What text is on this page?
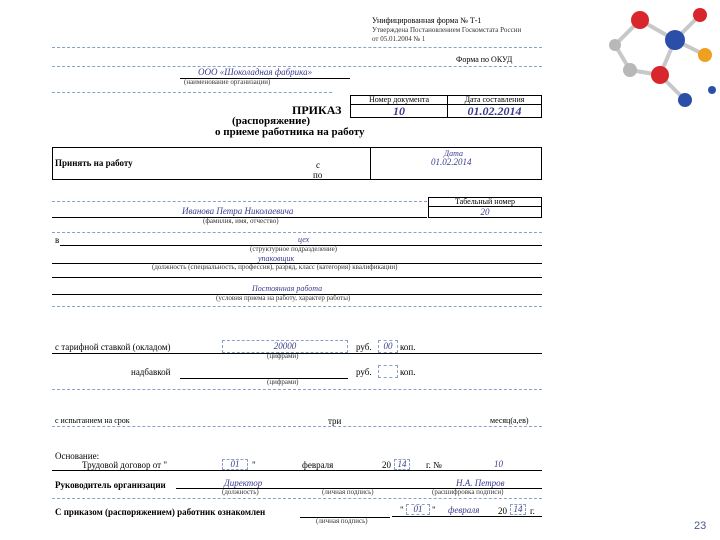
Унифицированная форма № Т-1
Утверждена Постановлением Госкомстата России
от 05.01.2004 № 1
Форма по ОКУД
ООО «Шоколадная фабрика»
(наименование организации)
Номер документа	Дата составления
10	01.02.2014
ПРИКАЗ
(распоряжение)
о приеме работника на работу
Принять на работу	с
по
Дата
01.02.2014
Табельный номер
20
Иванова Петра Николаевича
(фамилия, имя, отчество)
в	цех
(структурное подразделение)
упаковщик
(должность (специальность, профессия), разряд, класс (категория) квалификации)
Постоянная работа
(условия приема на работу, характер работы)
с тарифной ставкой (окладом)	20000
(цифрами)
руб.	00 коп.
надбавкой
(цифрами)
руб.	коп.
с испытанием на срок	три	месяц(а,ев)
Основание:
Трудовой договор от "	01	"	февраля	20 14 г. №	10
Руководитель организации	Директор
(должность)	(личная подпись)
Н.А. Петров
(расшифровка подписи)
С приказом (распоряжением) работник ознакомлен
(личная подпись)
"	01	" февраля 20 14 г.
23
